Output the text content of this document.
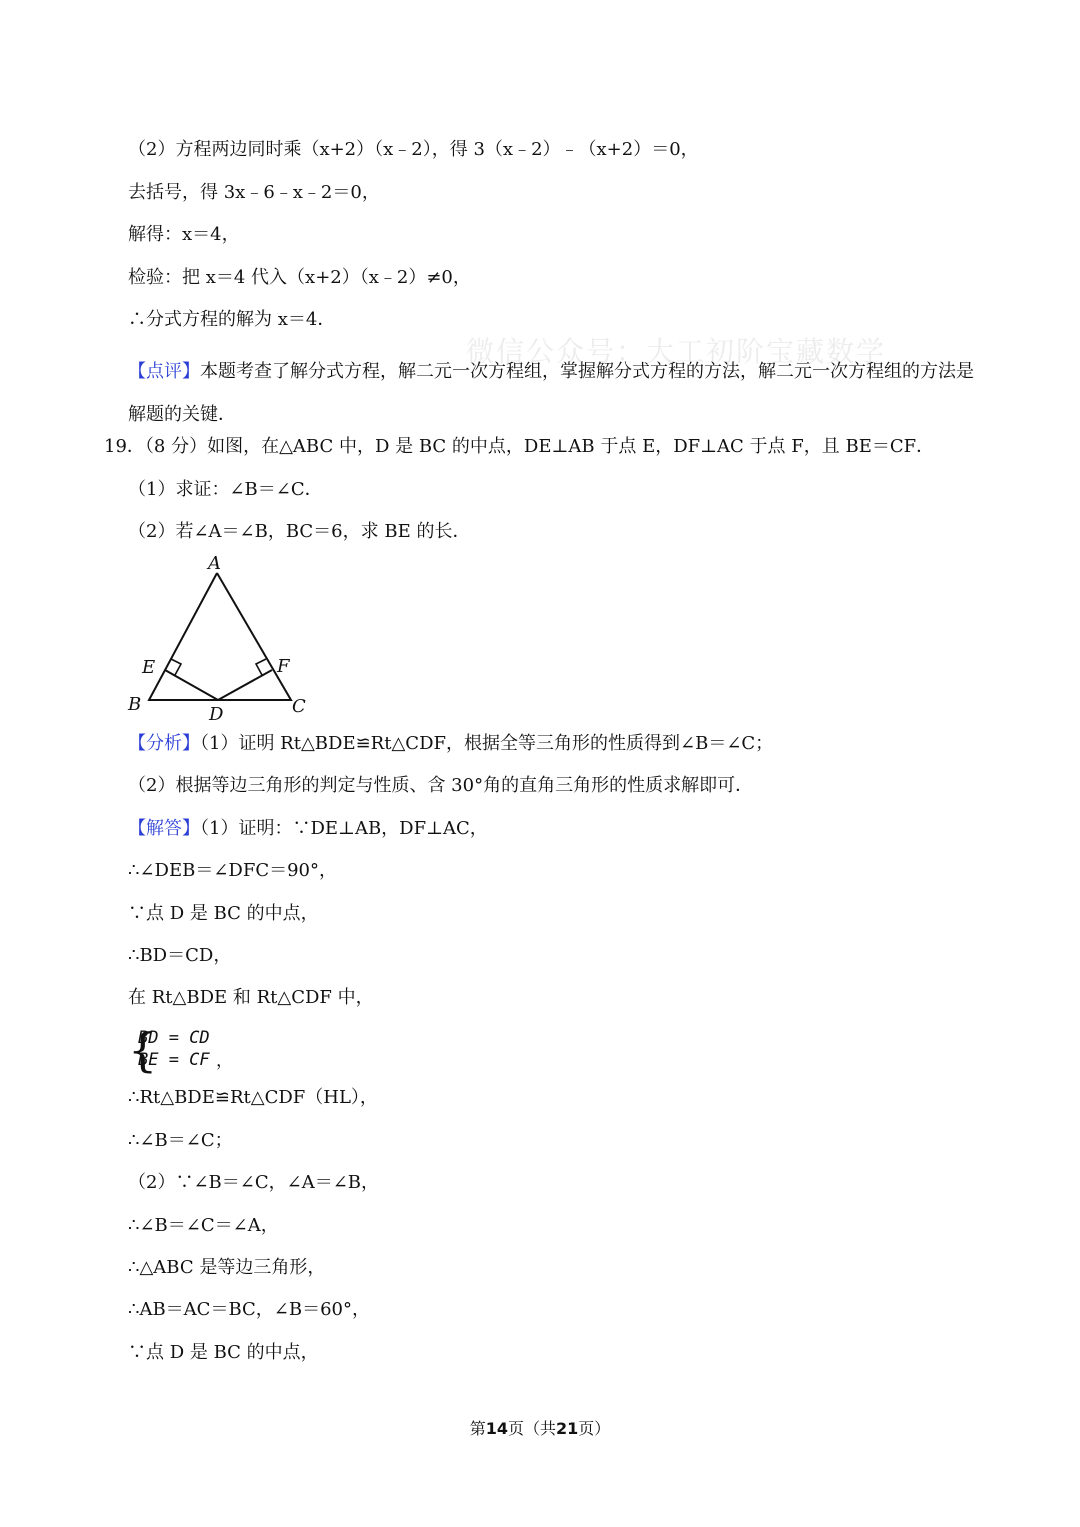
微信公众号：大工初阶宝藏数学

（2）方程两边同时乘（x+2）（x﹣2），得 3（x﹣2）﹣（x+2）＝0，

去括号，得 3x﹣6﹣x﹣2＝0，

解得：x＝4，

检验：把 x＝4 代入（x+2）（x﹣2）≠0，

∴分式方程的解为 x＝4．

【点评】本题考查了解分式方程，解二元一次方程组，掌握解分式方程的方法，解二元一次方程组的方法是解题的关键．

19．（8 分）如图，在△ABC 中，D 是 BC 的中点，DE⊥AB 于点 E，DF⊥AC 于点 F，且 BE＝CF．

（1）求证：∠B＝∠C．

（2）若∠A＝∠B，BC＝6，求 BE 的长．

A
B	C
D
E	F

【分析】（1）证明 Rt△BDE≌Rt△CDF，根据全等三角形的性质得到∠B＝∠C；

（2）根据等边三角形的判定与性质、含 30°角的直角三角形的性质求解即可．

【解答】（1）证明：∵DE⊥AB，DF⊥AC，

∴∠DEB＝∠DFC＝90°，

∵点 D 是 BC 的中点，

∴BD＝CD，

在 Rt△BDE 和 Rt△CDF 中，

{
BD = CD
BE = CF ，

∴Rt△BDE≌Rt△CDF（HL），

∴∠B＝∠C；

（2）∵∠B＝∠C，∠A＝∠B，

∴∠B＝∠C＝∠A，

∴△ABC 是等边三角形，

∴AB＝AC＝BC，∠B＝60°，

∵点 D 是 BC 的中点，

第14页（共21页）
